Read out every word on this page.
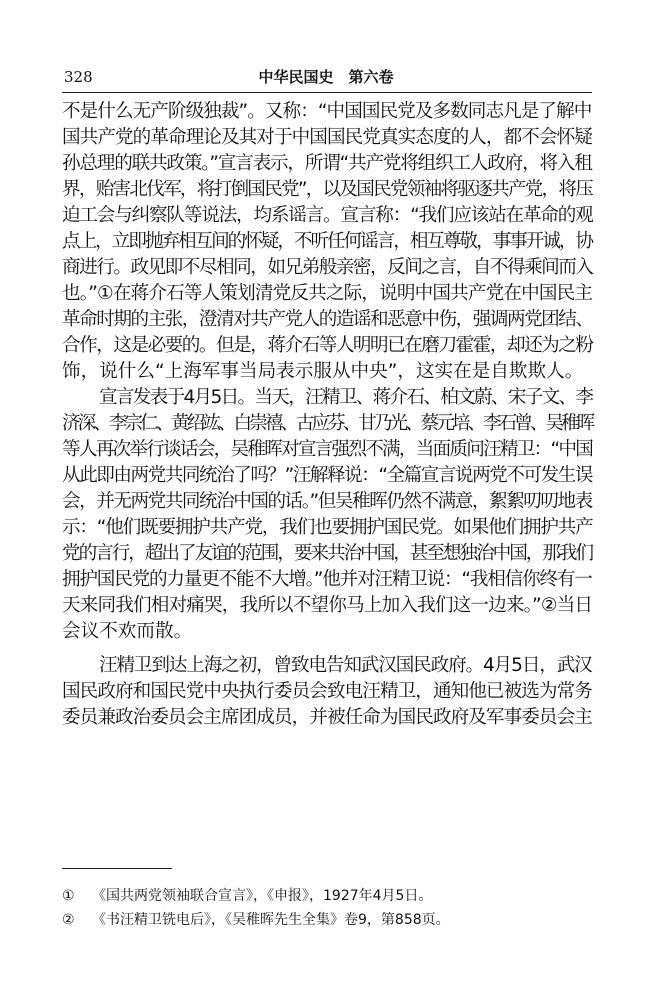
328	中华民国史　第六卷
不是什么无产阶级独裁”。又称：“中国国民党及多数同志凡是了解中
国共产党的革命理论及其对于中国国民党真实态度的人，都不会怀疑
孙总理的联共政策。”宣言表示，所谓“共产党将组织工人政府，将入租
界，贻害北伐军，将打倒国民党”，以及国民党领袖将驱逐共产党，将压
迫工会与纠察队等说法，均系谣言。宣言称：“我们应该站在革命的观
点上，立即抛弃相互间的怀疑，不听任何谣言，相互尊敬，事事开诚，协
商进行。政见即不尽相同，如兄弟般亲密，反间之言，自不得乘间而入
也。”①在蒋介石等人策划清党反共之际，说明中国共产党在中国民主
革命时期的主张，澄清对共产党人的造谣和恶意中伤，强调两党团结、
合作，这是必要的。但是，蒋介石等人明明已在磨刀霍霍，却还为之粉
饰，说什么“上海军事当局表示服从中央”，这实在是自欺欺人。
宣言发表于4月5日。当天，汪精卫、蒋介石、柏文蔚、宋子文、李
济深、李宗仁、黄绍竑、白崇禧、古应芬、甘乃光、蔡元培、李石曾、吴稚晖
等人再次举行谈话会，吴稚晖对宣言强烈不满，当面质问汪精卫：“中国
从此即由两党共同统治了吗？”汪解释说：“全篇宣言说两党不可发生误
会，并无两党共同统治中国的话。”但吴稚晖仍然不满意，絮絮叨叨地表
示：“他们既要拥护共产党，我们也要拥护国民党。如果他们拥护共产
党的言行，超出了友谊的范围，要来共治中国，甚至想独治中国，那我们
拥护国民党的力量更不能不大增。”他并对汪精卫说：“我相信你终有一
天来同我们相对痛哭，我所以不望你马上加入我们这一边来。”②当日
会议不欢而散。
汪精卫到达上海之初，曾致电告知武汉国民政府。4月5日，武汉
国民政府和国民党中央执行委员会致电汪精卫，通知他已被选为常务
委员兼政治委员会主席团成员，并被任命为国民政府及军事委员会主
① 《国共两党领袖联合宣言》，《申报》，1927年4月5日。
② 《书汪精卫铣电后》，《吴稚晖先生全集》卷9，第858页。
